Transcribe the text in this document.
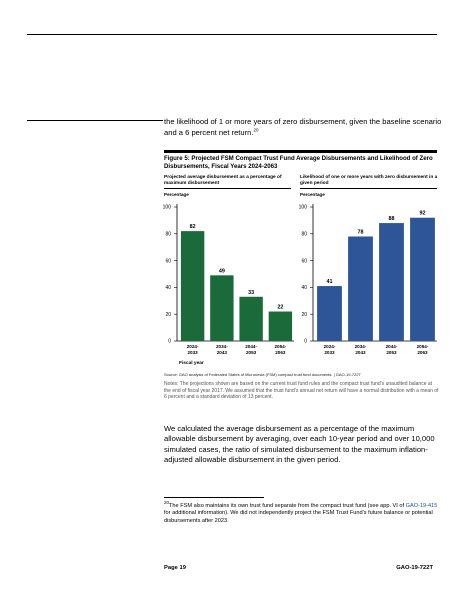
the likelihood of 1 or more years of zero disbursement, given the baseline scenario and a 6 percent net return.$^{20}$
Figure 5: Projected FSM Compact Trust Fund Average Disbursements and Likelihood of Zero Disbursements, Fiscal Years 2024-2063
Projected average disbursement as a percentage of maximum disbursement
Likelihood of one or more years with zero disbursement in a given period
Percentage	Percentage
0
20
40
60
80
100
82
2024-
2033
49
2034-
2043
33
2044-
2053
22
2054-
2063
Fiscal year
0
20
40
60
80
100
41
2024-
2033
78
2034-
2043
88
2044-
2053
92
2054-
2063
Source: GAO analysis of Federated States of Micronesia (FSM) compact trust fund documents. | GAO-19-722T
Notes: The projections shown are based on the current trust fund rules and the compact trust fund’s unaudited balance at the end of fiscal year 2017. We assumed that the trust fund’s annual net return will have a normal distribution with a mean of 6 percent and a standard deviation of 13 percent.
We calculated the average disbursement as a percentage of the maximum allowable disbursement by averaging, over each 10-year period and over 10,000 simulated cases, the ratio of simulated disbursement to the maximum inflation-adjusted allowable disbursement in the given period.
$^{20}$The FSM also maintains its own trust fund separate from the compact trust fund (see app. VI of GAO-19-415 for additional information). We did not independently project the FSM Trust Fund’s future balance or potential disbursements after 2023.
Page 19	GAO-19-722T
